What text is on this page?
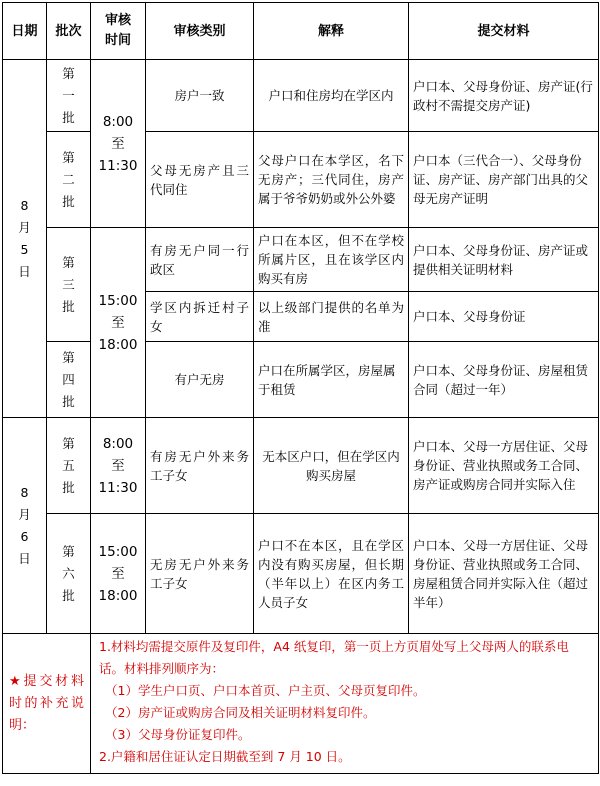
日期	批次	审核时间	审核类别	解释	提交材料

8
月
5
日	第
一
批	8:00
至
11:30	房户一致	户口和住房均在学区内	户口本、父母身份证、房产证(行政村不需提交房产证)

	第
二
批		父母无房产且三代同住	父母户口在本学区，名下无房产；三代同住，房产属于爷爷奶奶或外公外婆	户口本（三代合一）、父母身份证、房产证、房产部门出具的父母无房产证明

	第
三
批	15:00
至
18:00	有房无户同一行政区	户口在本区，但不在学校所属片区，且在该学区内购买有房	户口本、父母身份证、房产证或提供相关证明材料
			学区内拆迁村子女	以上级部门提供的名单为准	户口本、父母身份证

	第
四
批		有户无房	户口在所属学区，房屋属于租赁	户口本、父母身份证、房屋租赁合同（超过一年）

8
月
6
日	第
五
批	8:00
至
11:30	有房无户外来务工子女	无本区户口，但在学区内购买房屋	户口本、父母一方居住证、父母身份证、营业执照或务工合同、房产证或购房合同并实际入住

	第
六
批	15:00
至
18:00	无房无户外来务工子女	户口不在本区，且在学区内没有购买房屋，但长期（半年以上）在区内务工人员子女	户口本、父母一方居住证、父母身份证、营业执照或务工合同、房屋租赁合同并实际入住（超过半年）
★提交材料时的补充说明：		1.材料均需提交原件及复印件，A4 纸复印，第一页上方页眉处写上父母两人的联系电话。材料排列顺序为：
（1）学生户口页、户口本首页、户主页、父母页复印件。
（2）房产证或购房合同及相关证明材料复印件。
（3）父母身份证复印件。
2.户籍和居住证认定日期截至到 7 月 10 日。			
